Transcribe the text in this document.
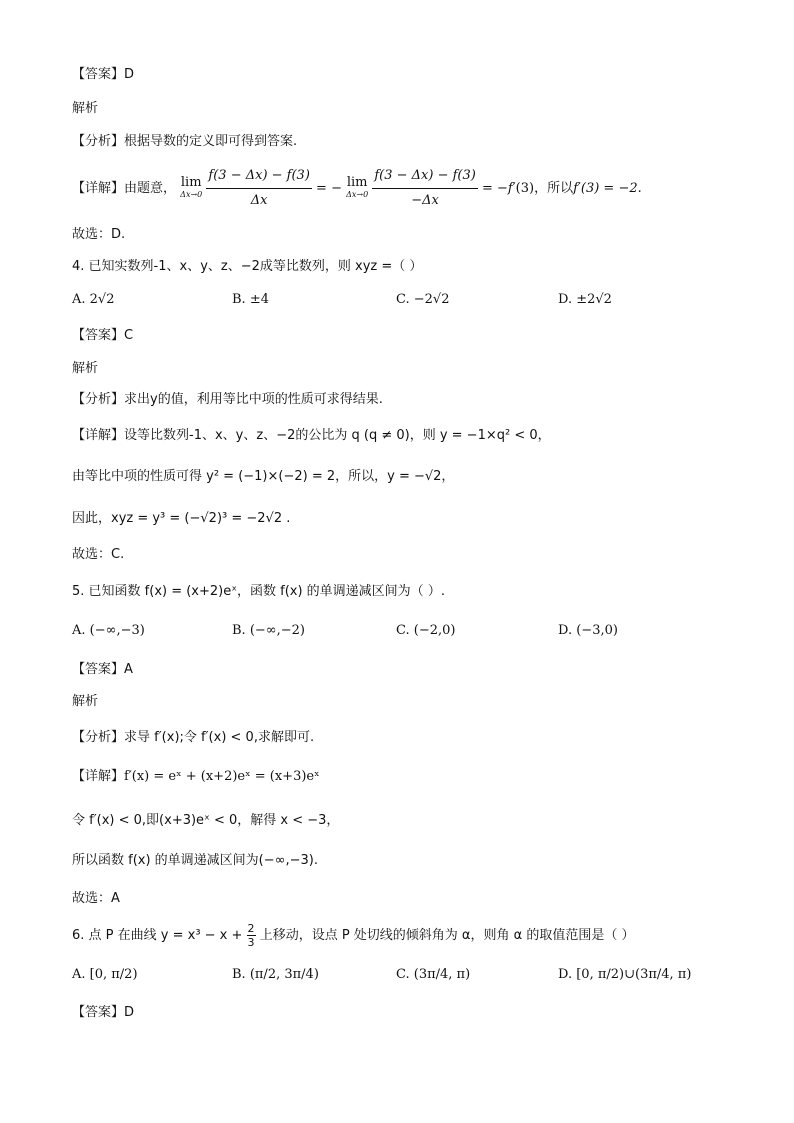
【答案】D
解析
【分析】根据导数的定义即可得到答案.
【详解】由题意， lim
Δx→0
$\frac{f(3 - \Delta x) - f(3)}{\Delta x}$ = − lim
Δx→0
$\frac{f(3 - \Delta x) - f(3)}{-\Delta x} = -f'(3)$，所以f′(3) = −2.
故选：D.
4. 已知实数列-1、x、y、z、−2成等比数列，则 xyz =（ ）
A. 2√2	B. ±4	C. −2√2	D. ±2√2
【答案】C
解析
【分析】求出y的值，利用等比中项的性质可求得结果.
【详解】设等比数列-1、x、y、z、−2的公比为 q (q ≠ 0)，则 y = −1×q² < 0，
由等比中项的性质可得 y² = (−1)×(−2) = 2，所以，y = −√2，
因此，xyz = y³ = (−√2)³ = −2√2 .
故选：C.
5. 已知函数 f(x) = (x+2)eˣ，函数 f(x) 的单调递减区间为（ ）.
A. (−∞,−3)	B. (−∞,−2)	C. (−2,0)	D. (−3,0)
【答案】A
解析
【分析】求导 f′(x);令 f′(x) < 0,求解即可.
【详解】f′(x) = eˣ + (x+2)eˣ = (x+3)eˣ
令 f′(x) < 0,即(x+3)eˣ < 0，解得 x < −3，
所以函数 f(x) 的单调递减区间为(−∞,−3).
故选：A
6. 点 P 在曲线 $y = x^3 - x + \frac{2}{3}$ 上移动，设点 P 处切线的倾斜角为 α，则角 α 的取值范围是（ ）
A. [0, π/2)	B. (π/2, 3π/4)	C. (3π/4, π)	D. [0, π/2)∪(3π/4, π)
【答案】D
